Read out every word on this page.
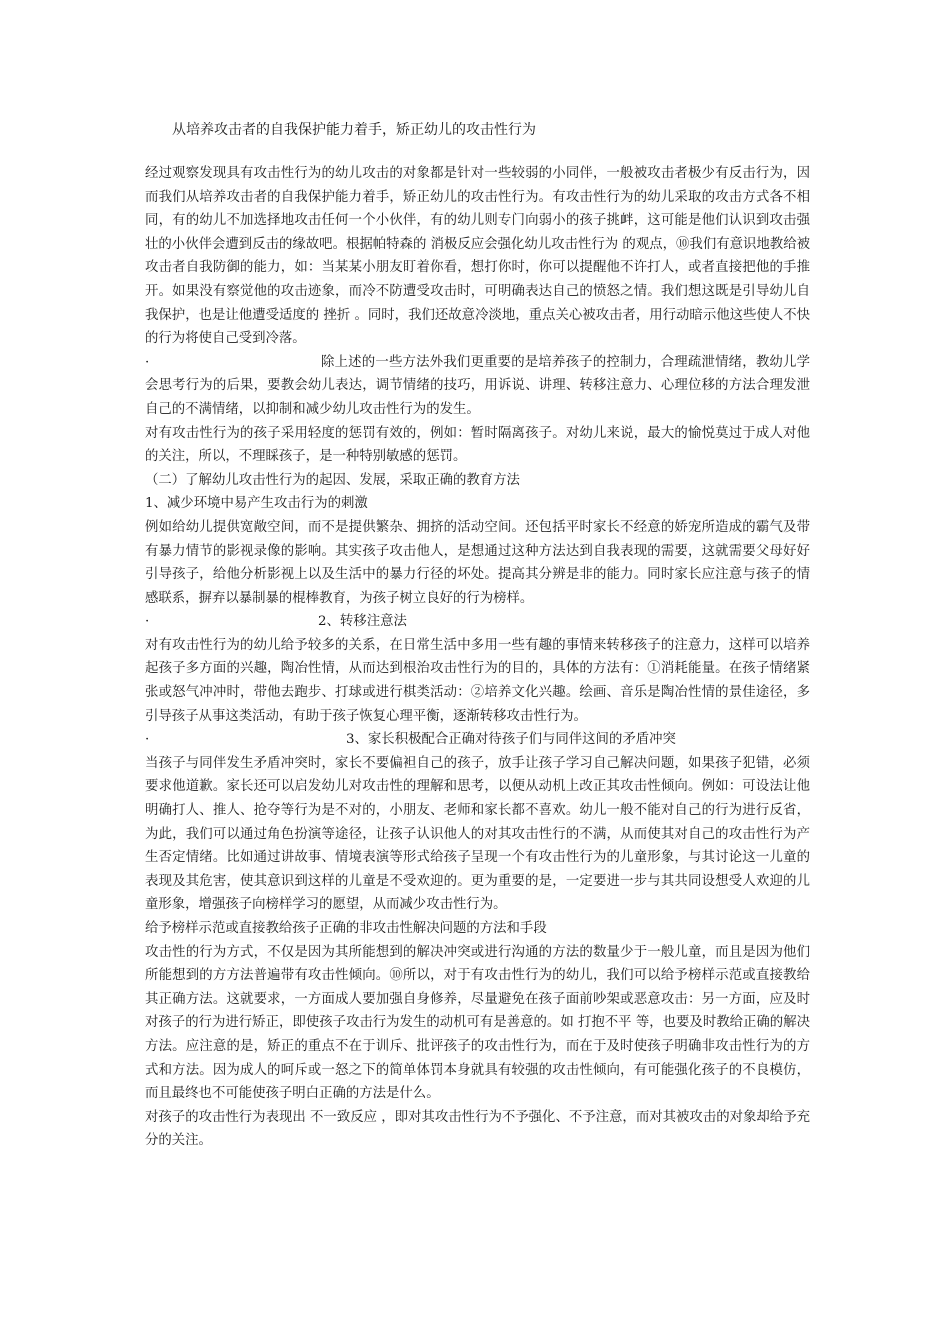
从培养攻击者的自我保护能力着手，矫正幼儿的攻击性行为

经过观察发现具有攻击性行为的幼儿攻击的对象都是针对一些较弱的小同伴，一般被攻击者极少有反击行为，因而我们从培养攻击者的自我保护能力着手，矫正幼儿的攻击性行为。有攻击性行为的幼儿采取的攻击方式各不相同，有的幼儿不加选择地攻击任何一个小伙伴，有的幼儿则专门向弱小的孩子挑衅，这可能是他们认识到攻击强壮的小伙伴会遭到反击的缘故吧。根据帕特森的 消极反应会强化幼儿攻击性行为 的观点，⑩我们有意识地教给被攻击者自我防御的能力，如：当某某小朋友盯着你看，想打你时，你可以提醒他不许打人，或者直接把他的手推开。如果没有察觉他的攻击迹象，而冷不防遭受攻击时，可明确表达自己的愤怒之情。我们想这既是引导幼儿自我保护，也是让他遭受适度的 挫折 。同时，我们还故意冷淡地，重点关心被攻击者，用行动暗示他这些使人不快的行为将使自己受到冷落。

·	除上述的一些方法外我们更重要的是培养孩子的控制力，合理疏泄情绪，教幼儿学会思考行为的后果，要教会幼儿表达，调节情绪的技巧，用诉说、讲理、转移注意力、心理位移的方法合理发泄自己的不满情绪，以抑制和减少幼儿攻击性行为的发生。

对有攻击性行为的孩子采用轻度的惩罚有效的，例如：暂时隔离孩子。对幼儿来说，最大的愉悦莫过于成人对他的关注，所以，不理睬孩子，是一种特别敏感的惩罚。

（二）了解幼儿攻击性行为的起因、发展，采取正确的教育方法

1、减少环境中易产生攻击行为的刺激

例如给幼儿提供宽敞空间，而不是提供繁杂、拥挤的活动空间。还包括平时家长不经意的娇宠所造成的霸气及带有暴力情节的影视录像的影响。其实孩子攻击他人，是想通过这种方法达到自我表现的需要，这就需要父母好好引导孩子，给他分析影视上以及生活中的暴力行径的坏处。提高其分辨是非的能力。同时家长应注意与孩子的情感联系，摒弃以暴制暴的棍棒教育，为孩子树立良好的行为榜样。

·	2、转移注意法

对有攻击性行为的幼儿给予较多的关系，在日常生活中多用一些有趣的事情来转移孩子的注意力，这样可以培养起孩子多方面的兴趣，陶冶性情，从而达到根治攻击性行为的目的，具体的方法有：①消耗能量。在孩子情绪紧张或怒气冲冲时，带他去跑步、打球或进行棋类活动：②培养文化兴趣。绘画、音乐是陶冶性情的景佳途径，多引导孩子从事这类活动，有助于孩子恢复心理平衡，逐渐转移攻击性行为。

·	3、家长积极配合正确对待孩子们与同伴这间的矛盾冲突

当孩子与同伴发生矛盾冲突时，家长不要偏袒自己的孩子，放手让孩子学习自己解决问题，如果孩子犯错，必须要求他道歉。家长还可以启发幼儿对攻击性的理解和思考，以便从动机上改正其攻击性倾向。例如：可设法让他明确打人、推人、抢夺等行为是不对的，小朋友、老师和家长都不喜欢。幼儿一般不能对自己的行为进行反省，为此，我们可以通过角色扮演等途径，让孩子认识他人的对其攻击性行的不满，从而使其对自己的攻击性行为产生否定情绪。比如通过讲故事、情境表演等形式给孩子呈现一个有攻击性行为的儿童形象，与其讨论这一儿童的表现及其危害，使其意识到这样的儿童是不受欢迎的。更为重要的是，一定要进一步与其共同设想受人欢迎的儿童形象，增强孩子向榜样学习的愿望，从而减少攻击性行为。

给予榜样示范或直接教给孩子正确的非攻击性解决问题的方法和手段

攻击性的行为方式，不仅是因为其所能想到的解决冲突或进行沟通的方法的数量少于一般儿童，而且是因为他们所能想到的方方法普遍带有攻击性倾向。⑩所以，对于有攻击性行为的幼儿，我们可以给予榜样示范或直接教给其正确方法。这就要求，一方面成人要加强自身修养，尽量避免在孩子面前吵架或恶意攻击：另一方面，应及时对孩子的行为进行矫正，即使孩子攻击行为发生的动机可有是善意的。如 打抱不平 等，也要及时教给正确的解决方法。应注意的是，矫正的重点不在于训斥、批评孩子的攻击性行为，而在于及时使孩子明确非攻击性行为的方式和方法。因为成人的呵斥或一怒之下的简单体罚本身就具有较强的攻击性倾向，有可能强化孩子的不良模仿，而且最终也不可能使孩子明白正确的方法是什么。

对孩子的攻击性行为表现出 不一致反应 ，即对其攻击性行为不予强化、不予注意，而对其被攻击的对象却给予充分的关注。
